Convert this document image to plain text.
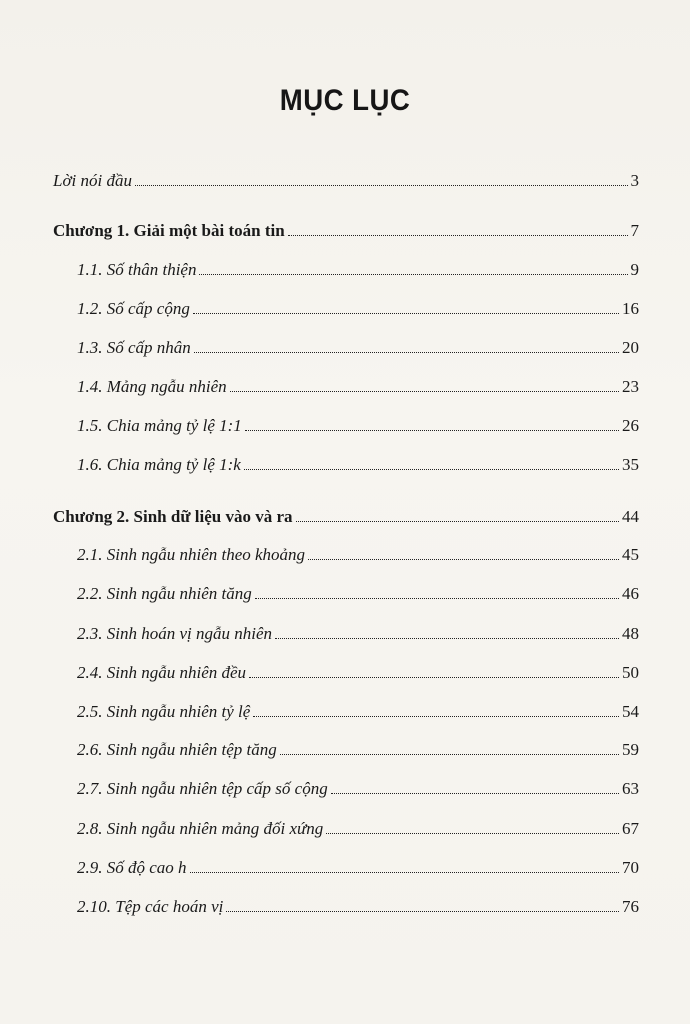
MỤC LỤC
Lời nói đầu	3
Chương 1. Giải một bài toán tin	7
1.1. Số thân thiện	9
1.2. Số cấp cộng	16
1.3. Số cấp nhân	20
1.4. Mảng ngẫu nhiên	23
1.5. Chia mảng tỷ lệ 1:1	26
1.6. Chia mảng tỷ lệ 1:k	35
Chương 2. Sinh dữ liệu vào và ra	44
2.1. Sinh ngẫu nhiên theo khoảng	45
2.2. Sinh ngẫu nhiên tăng	46
2.3. Sinh hoán vị ngẫu nhiên	48
2.4. Sinh ngẫu nhiên đều	50
2.5. Sinh ngẫu nhiên tỷ lệ	54
2.6. Sinh ngẫu nhiên tệp tăng	59
2.7. Sinh ngẫu nhiên tệp cấp số cộng	63
2.8. Sinh ngẫu nhiên mảng đối xứng	67
2.9. Số độ cao h	70
2.10. Tệp các hoán vị	76
